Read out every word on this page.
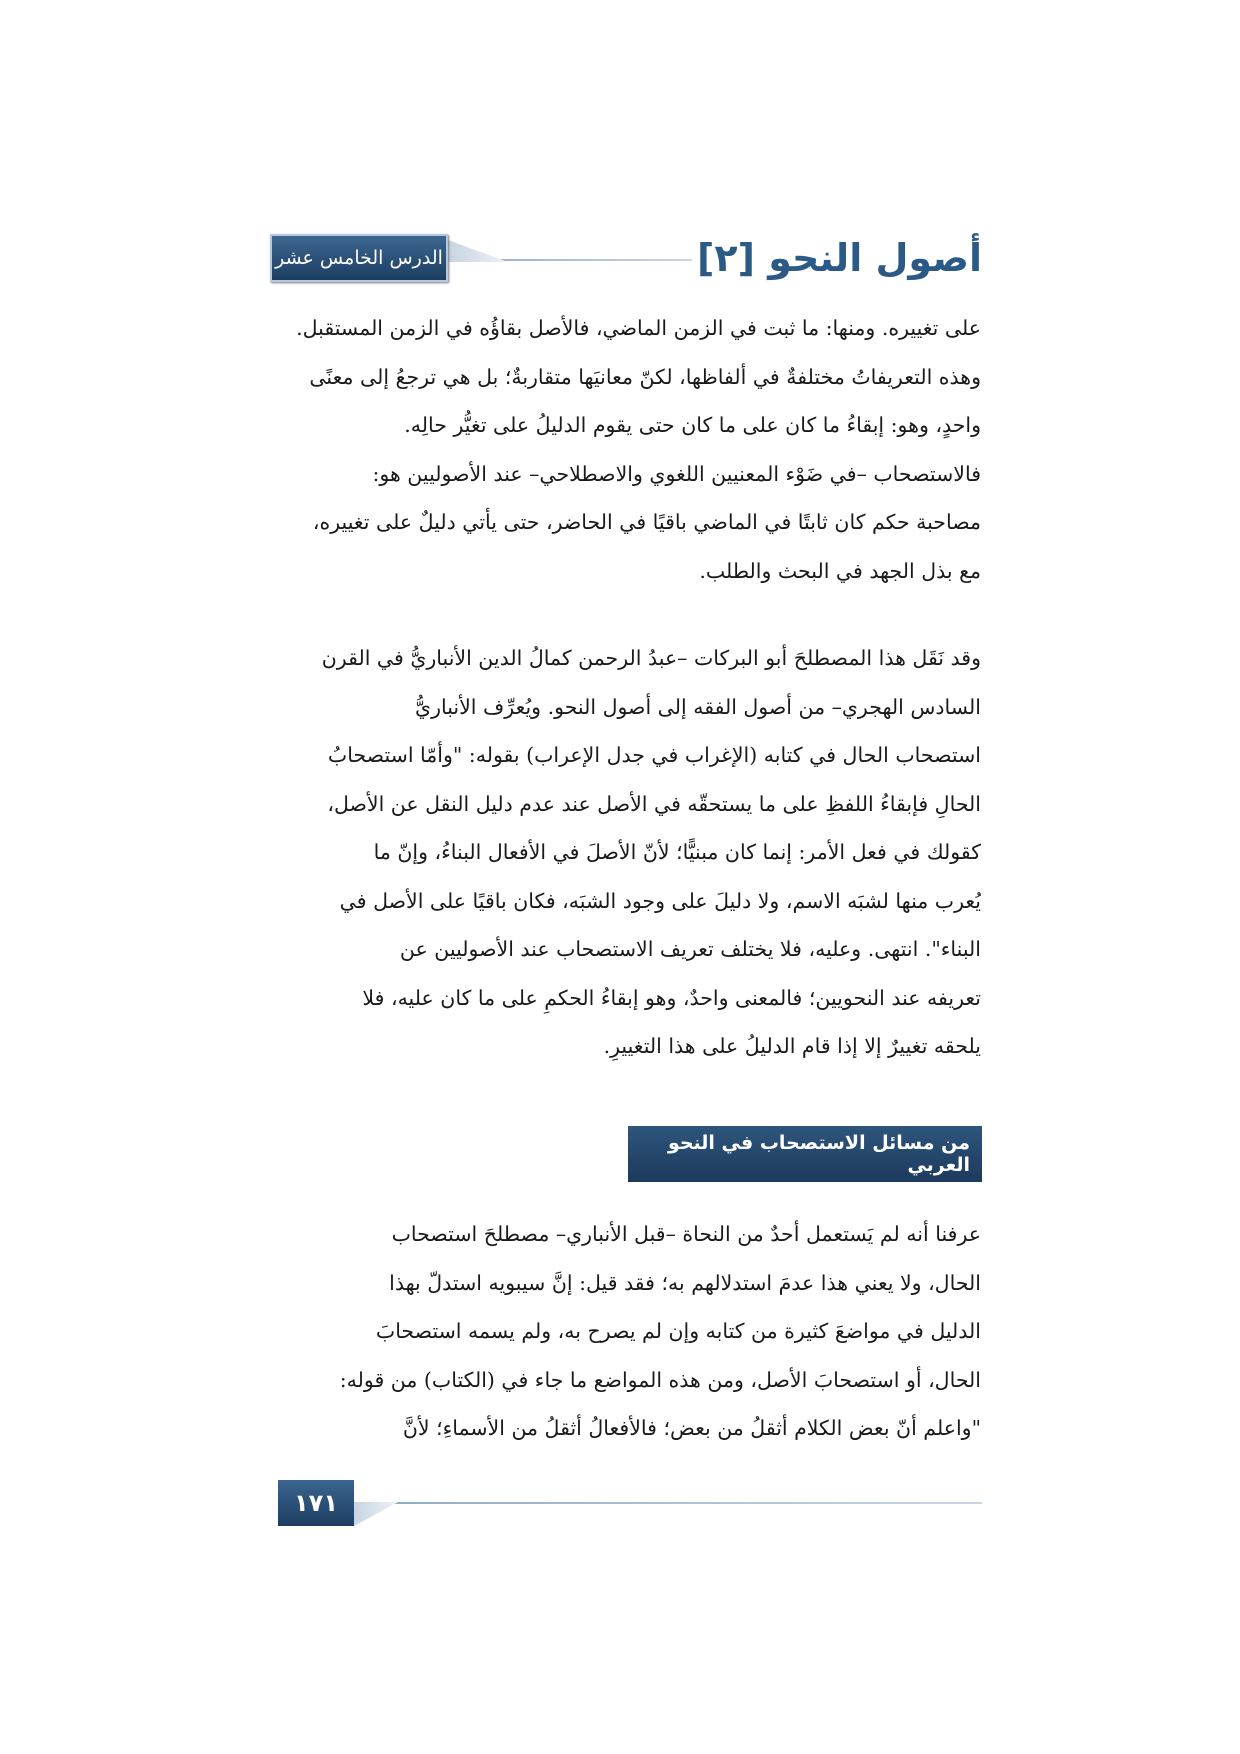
الدرس الخامس عشر	أصول النحو [٢]

على تغييره. ومنها: ما ثبت في الزمن الماضي، فالأصل بقاؤُه في الزمن المستقبل.

وهذه التعريفاتُ مختلفةٌ في ألفاظها، لكنّ معانيَها متقاربةٌ؛ بل هي ترجعُ إلى معنًى

واحدٍ، وهو: إبقاءُ ما كان على ما كان حتى يقوم الدليلُ على تغيُّر حالِه.

فالاستصحاب –في ضَوْء المعنيين اللغوي والاصطلاحي– عند الأصوليين هو:

مصاحبة حكم كان ثابتًا في الماضي باقيًا في الحاضر، حتى يأتي دليلٌ على تغييره،

مع بذل الجهد في البحث والطلب.

وقد نَقَل هذا المصطلحَ أبو البركات –عبدُ الرحمن كمالُ الدين الأنباريُّ في القرن

السادس الهجري– من أصول الفقه إلى أصول النحو. ويُعرِّف الأنباريُّ

استصحاب الحال في كتابه (الإغراب في جدل الإعراب) بقوله: "وأمّا استصحابُ

الحالِ فإبقاءُ اللفظِ على ما يستحقّه في الأصل عند عدم دليل النقل عن الأصل،

كقولك في فعل الأمر: إنما كان مبنيًّا؛ لأنّ الأصلَ في الأفعال البناءُ، وإنّ ما

يُعرب منها لشبَه الاسم، ولا دليلَ على وجود الشبَه، فكان باقيًا على الأصل في

البناء". انتهى. وعليه، فلا يختلف تعريف الاستصحاب عند الأصوليين عن

تعريفه عند النحويين؛ فالمعنى واحدٌ، وهو إبقاءُ الحكمِ على ما كان عليه، فلا

يلحقه تغييرٌ إلا إذا قام الدليلُ على هذا التغييرِ.

من مسائل الاستصحاب في النحو العربي

عرفنا أنه لم يَستعمل أحدٌ من النحاة –قبل الأنباري– مصطلحَ استصحاب

الحال، ولا يعني هذا عدمَ استدلالهم به؛ فقد قيل: إنَّ سيبويه استدلّ بهذا

الدليل في مواضعَ كثيرة من كتابه وإن لم يصرح به، ولم يسمه استصحابَ

الحال، أو استصحابَ الأصل، ومن هذه المواضع ما جاء في (الكتاب) من قوله:

"واعلم أنّ بعض الكلام أثقلُ من بعض؛ فالأفعالُ أثقلُ من الأسماءِ؛ لأنَّ

١٧١
